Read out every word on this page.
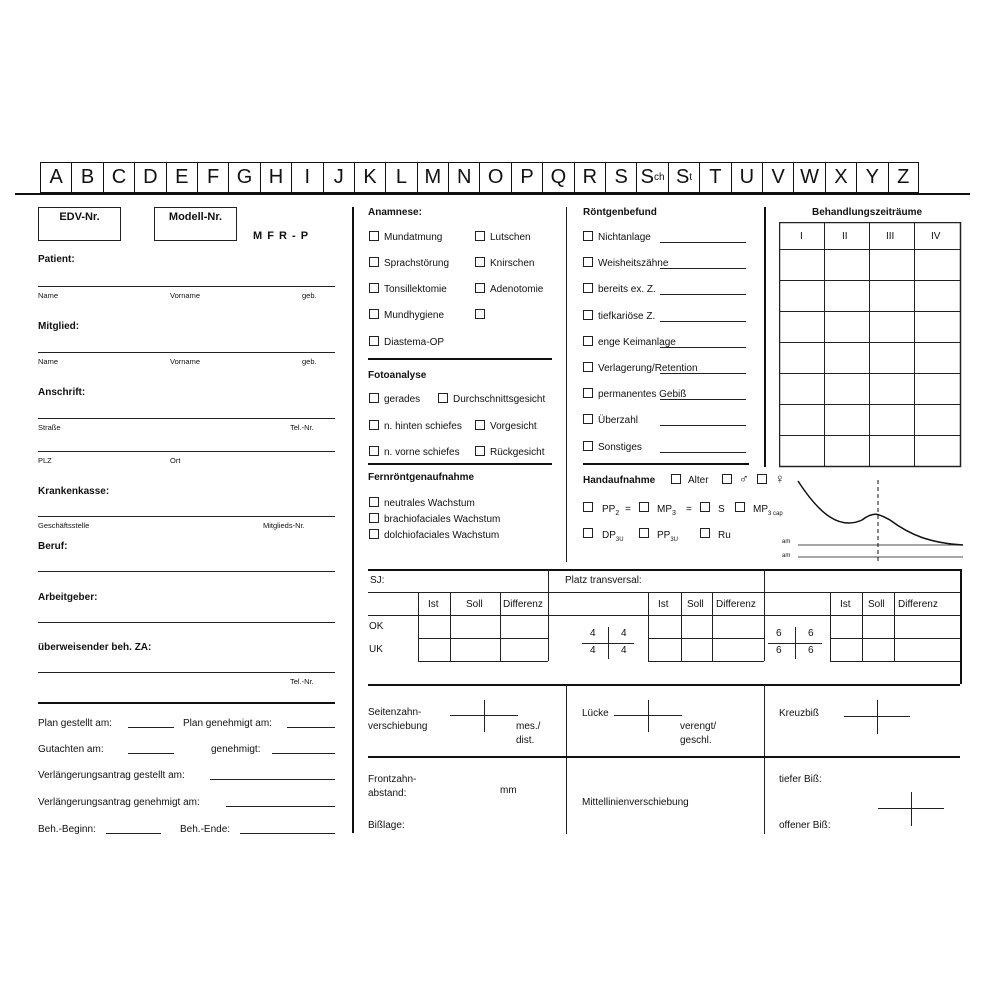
A B C D E F G H	I	J K L M N O P Q R S S ch S t T U V W X Y Z
EDV-Nr.	Modell-Nr.
M F R - P
Patient:
Name	Vorname	geb.
Mitglied:
Name	Vorname	geb.
Anschrift:
Straße	Tel.-Nr.
PLZ	Ort
Krankenkasse:
Geschäftsstelle	Mitglieds-Nr.
Beruf:
Arbeitgeber:
überweisender beh. ZA:
Tel.-Nr.
Plan gestellt am:	Plan genehmigt am:
Gutachten am:	genehmigt:
Verlängerungsantrag gestellt am:
Verlängerungsantrag genehmigt am:
Beh.-Beginn:	Beh.-Ende:
Anamnese:
Mundatmung	Lutschen
Sprachstörung	Knirschen
Tonsillektomie	Adenotomie
Mundhygiene
Diastema-OP
Fotoanalyse
gerades	Durchschnittsgesicht
n. hinten schiefes	Vorgesicht
n. vorne schiefes	Rückgesicht
Fernröntgenaufnahme
neutrales Wachstum
brachiofaciales Wachstum
dolchiofaciales Wachstum
Röntgenbefund
Nichtanlage
Weisheitszähne
bereits ex. Z.
tiefkariöse Z.
enge Keimanlage
Verlagerung/Retention
permanentes Gebiß
Überzahl
Sonstiges
Handaufnahme	Alter ♂ ♀
$PP_2$ =	$MP_3$ =	S	$MP_{3 cap}$
$DP_{3U}$	$PP_{3U}$	Ru
am
am
Behandlungszeiträume
I	II	III	IV
SJ:	Platz transversal:
Ist	Soll Differenz
OK
UK
Ist Soll Differenz
4	4
4	4
Ist Soll Differenz
6	6
6	6
Seitenzahn-
verschiebung	mes./
dist.
Lücke
verengt/
geschl.
Kreuzbiß
Frontzahn-
abstand:	mm
Bißlage:
Mittellinienverschiebung
tiefer Biß:
offener Biß:
